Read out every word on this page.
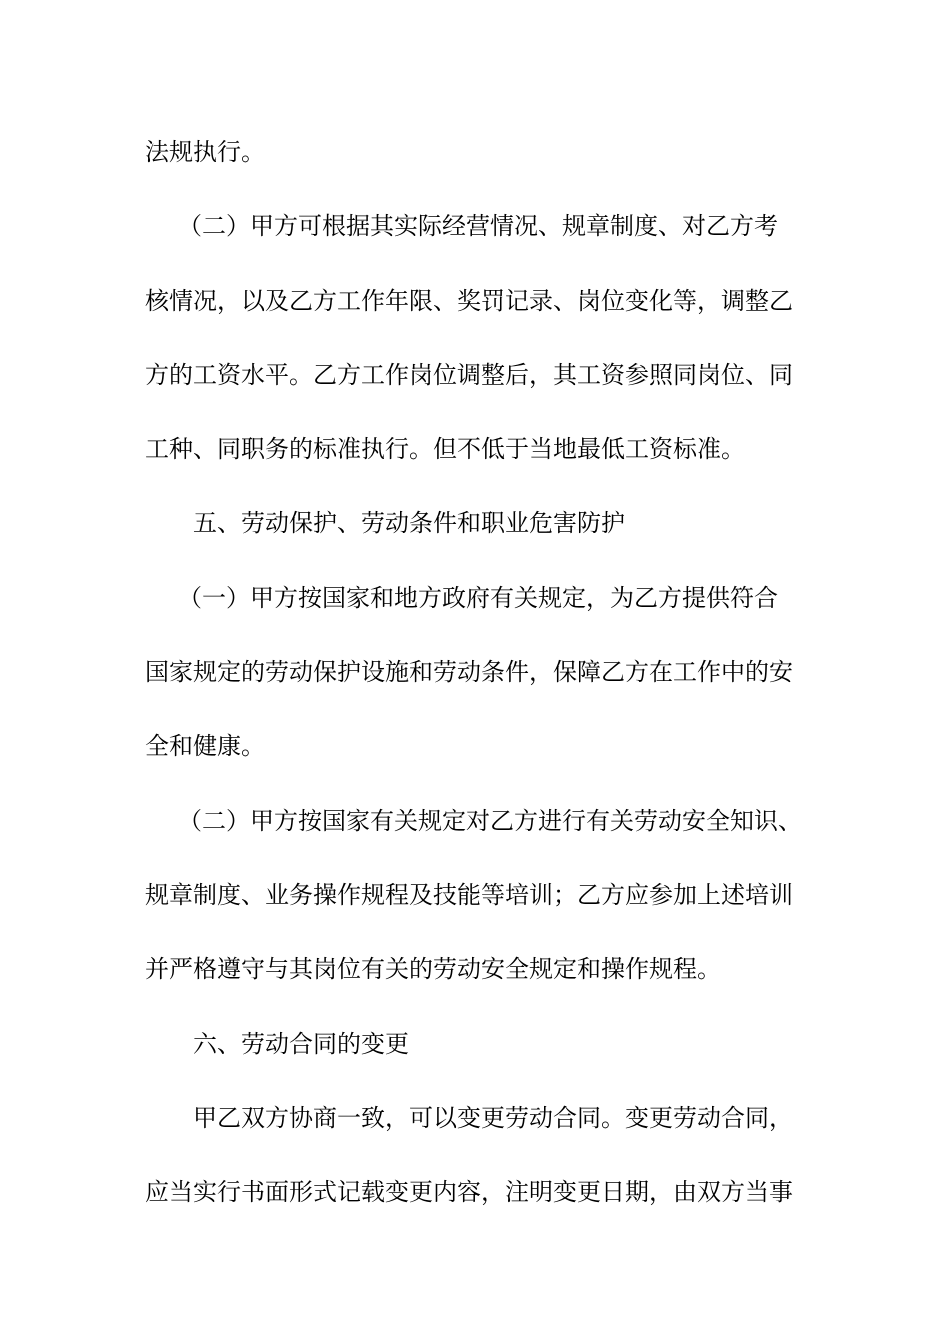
法规执行。
（二）甲方可根据其实际经营情况、规章制度、对乙方考
核情况，以及乙方工作年限、奖罚记录、岗位变化等，调整乙
方的工资水平。乙方工作岗位调整后，其工资参照同岗位、同
工种、同职务的标准执行。但不低于当地最低工资标准。
五、劳动保护、劳动条件和职业危害防护
（一）甲方按国家和地方政府有关规定，为乙方提供符合
国家规定的劳动保护设施和劳动条件，保障乙方在工作中的安
全和健康。
（二）甲方按国家有关规定对乙方进行有关劳动安全知识、
规章制度、业务操作规程及技能等培训；乙方应参加上述培训
并严格遵守与其岗位有关的劳动安全规定和操作规程。
六、劳动合同的变更
甲乙双方协商一致，可以变更劳动合同。变更劳动合同，
应当实行书面形式记载变更内容，注明变更日期，由双方当事
